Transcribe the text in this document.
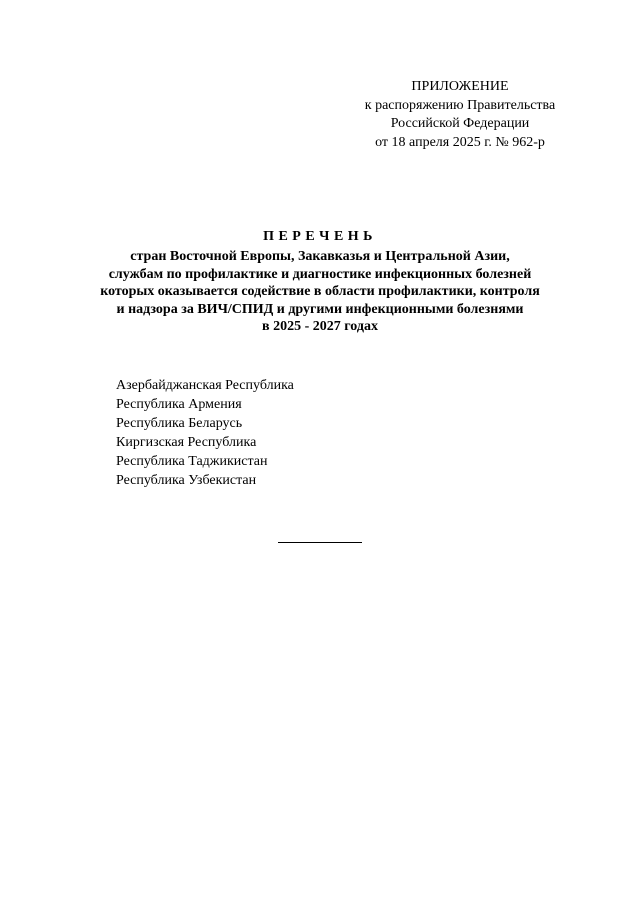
ПРИЛОЖЕНИЕ
к распоряжению Правительства
Российской Федерации
от 18 апреля 2025 г. № 962-р
ПЕРЕЧЕНЬ
стран Восточной Европы, Закавказья и Центральной Азии,
службам по профилактике и диагностике инфекционных болезней
которых оказывается содействие в области профилактики, контроля
и надзора за ВИЧ/СПИД и другими инфекционными болезнями
в 2025 - 2027 годах
Азербайджанская Республика
Республика Армения
Республика Беларусь
Киргизская Республика
Республика Таджикистан
Республика Узбекистан
